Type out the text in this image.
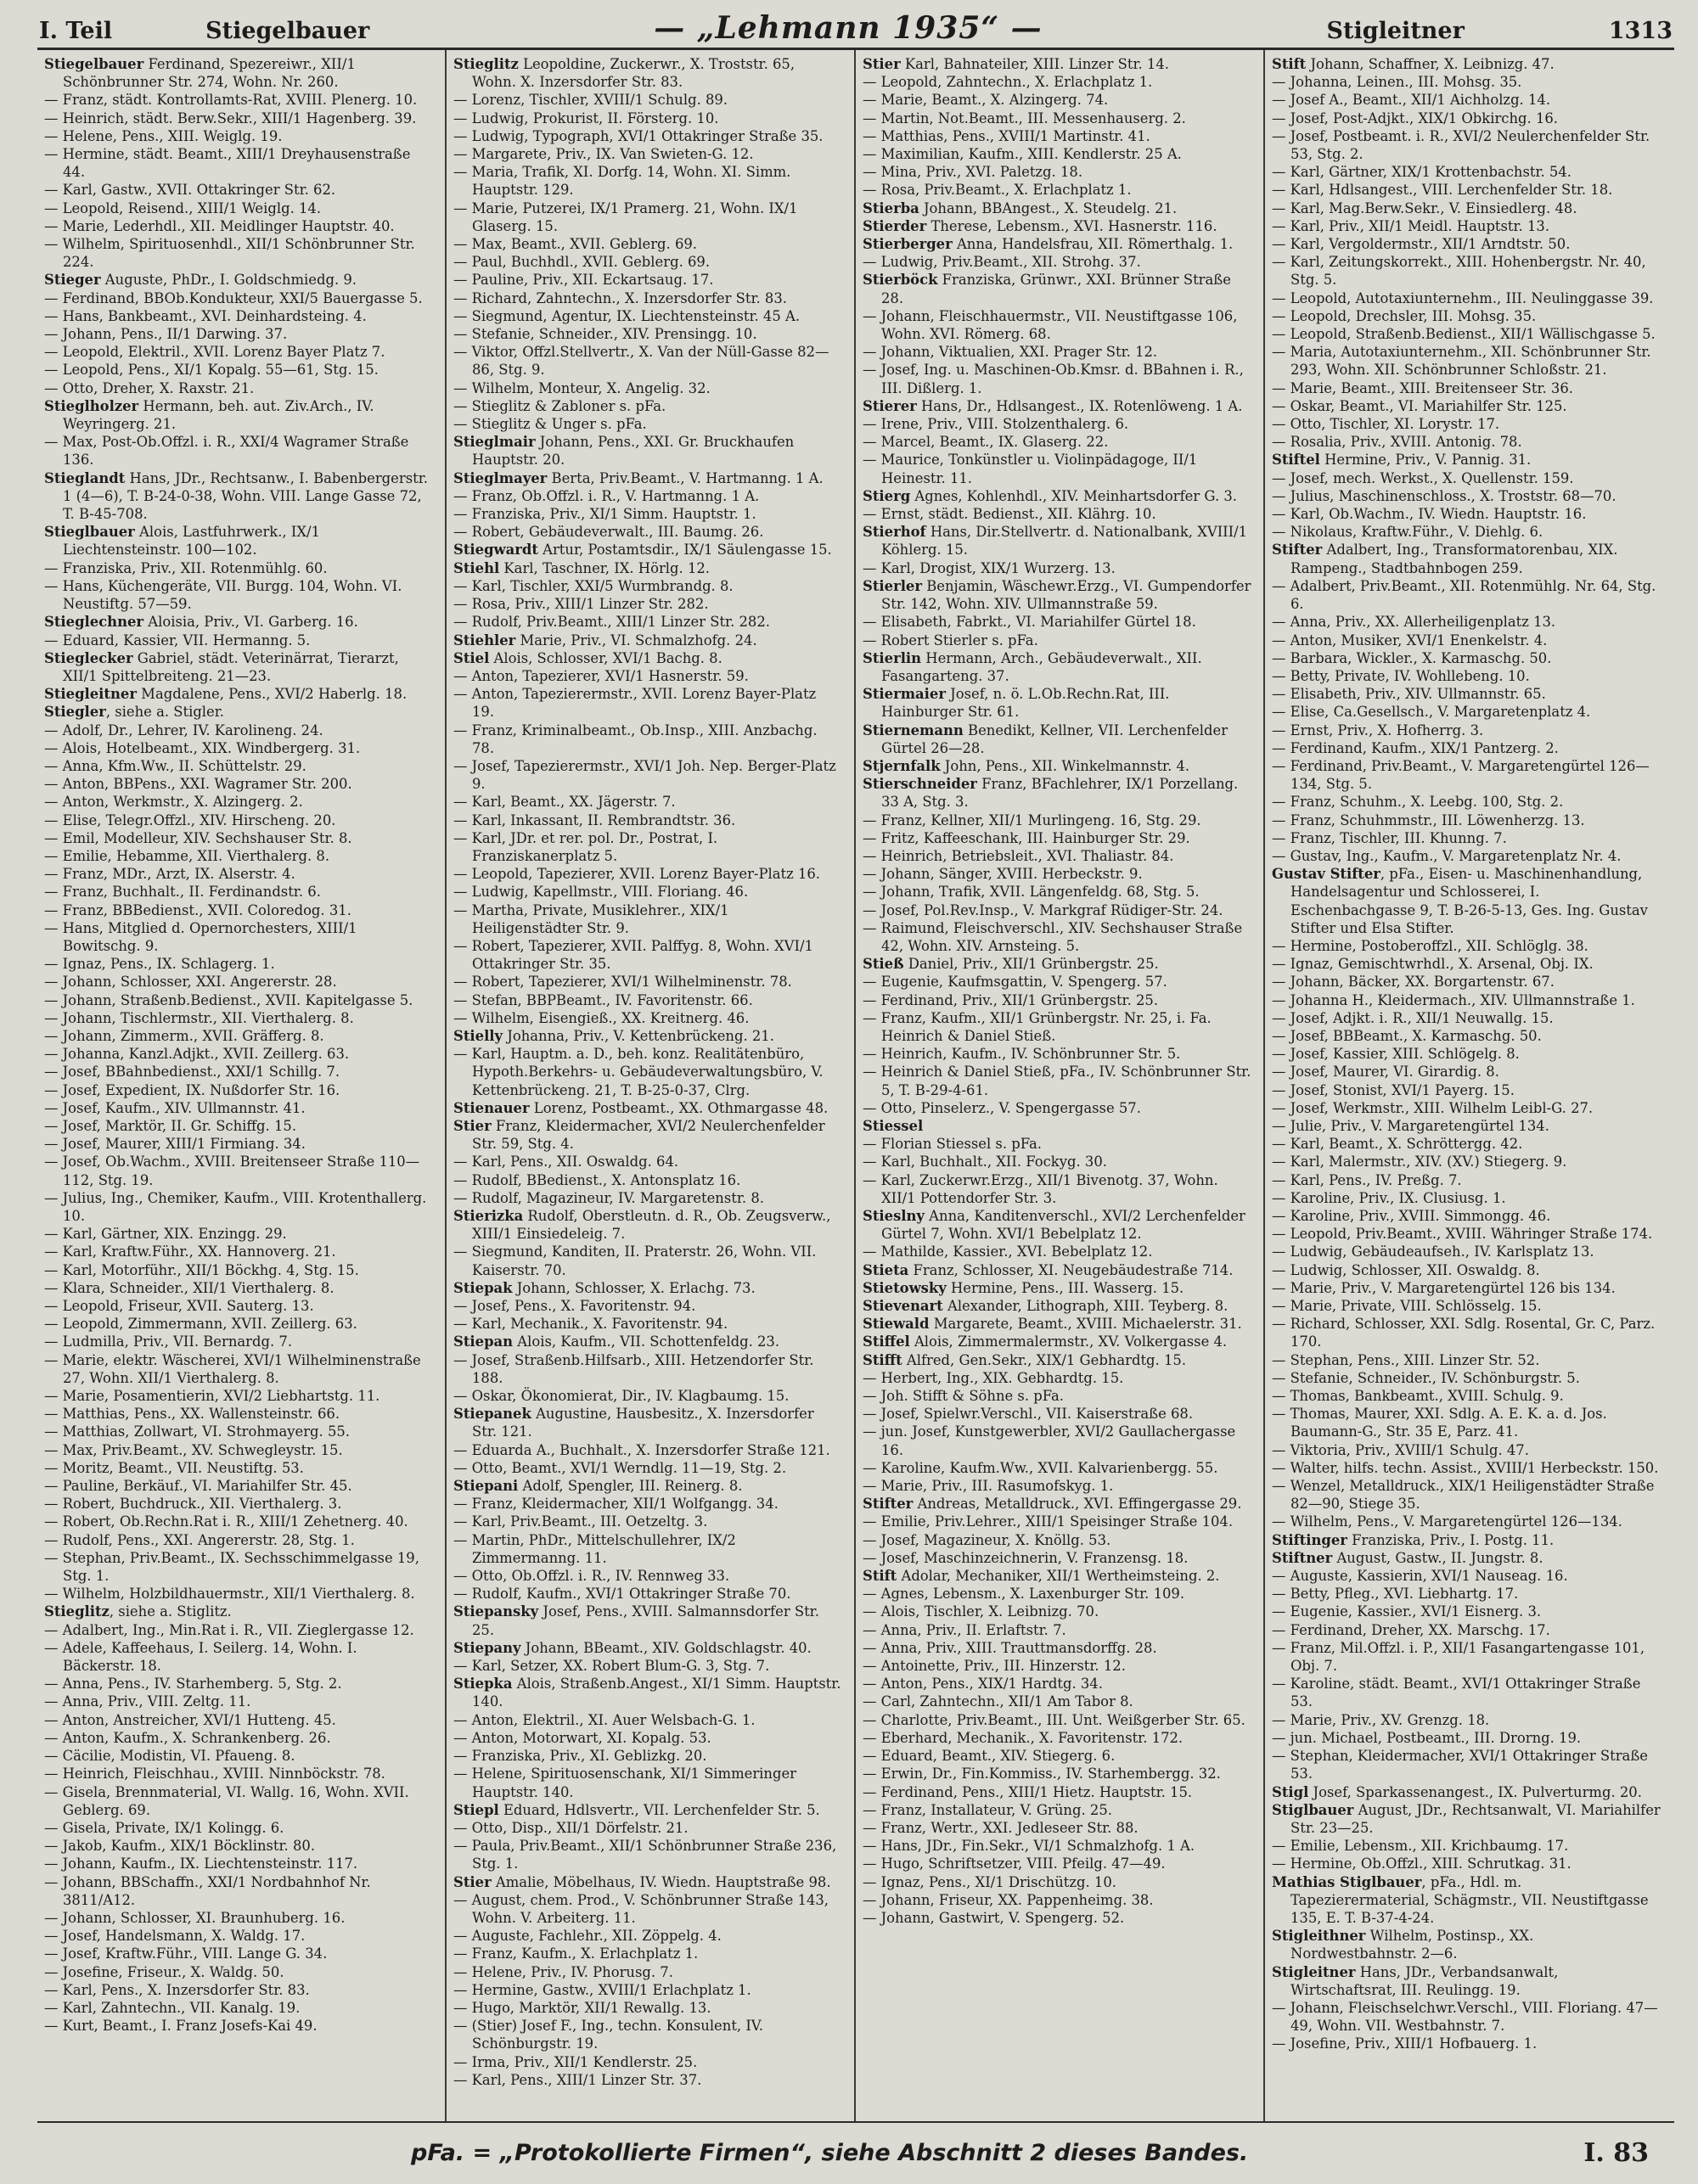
I. Teil	Stiegelbauer	— „Lehmann 1935“ —	Stigleitner	1313

Stiegelbauer Ferdinand, Spezereiwr., XII/1 Schönbrunner Str. 274, Wohn. Nr. 260.

— Franz, städt. Kontrollamts-Rat, XVIII. Plenerg. 10.

— Heinrich, städt. Berw.Sekr., XIII/1 Hagenberg. 39.

— Helene, Pens., XIII. Weiglg. 19.

— Hermine, städt. Beamt., XIII/1 Dreyhausenstraße 44.

— Karl, Gastw., XVII. Ottakringer Str. 62.

— Leopold, Reisend., XIII/1 Weiglg. 14.

— Marie, Lederhdl., XII. Meidlinger Hauptstr. 40.

— Wilhelm, Spirituosenhdl., XII/1 Schönbrunner Str. 224.

Stieger Auguste, PhDr., I. Goldschmiedg. 9.

— Ferdinand, BBOb.Kondukteur, XXI/5 Bauergasse 5.

— Hans, Bankbeamt., XVI. Deinhardsteing. 4.

— Johann, Pens., II/1 Darwing. 37.

— Leopold, Elektril., XVII. Lorenz Bayer Platz 7.

— Leopold, Pens., XI/1 Kopalg. 55—61, Stg. 15.

— Otto, Dreher, X. Raxstr. 21.

Stieglholzer Hermann, beh. aut. Ziv.Arch., IV. Weyringerg. 21.

— Max, Post-Ob.Offzl. i. R., XXI/4 Wagramer Straße 136.

Stieglandt Hans, JDr., Rechtsanw., I. Babenbergerstr. 1 (4—6), T. B-24-0-38, Wohn. VIII. Lange Gasse 72, T. B-45-708.

Stieglbauer Alois, Lastfuhrwerk., IX/1 Liechtensteinstr. 100—102.

— Franziska, Priv., XII. Rotenmühlg. 60.

— Hans, Küchengeräte, VII. Burgg. 104, Wohn. VI. Neustiftg. 57—59.

Stieglechner Aloisia, Priv., VI. Garberg. 16.

— Eduard, Kassier, VII. Hermanng. 5.

Stieglecker Gabriel, städt. Veterinärrat, Tierarzt, XII/1 Spittelbreiteng. 21—23.

Stiegleitner Magdalene, Pens., XVI/2 Haberlg. 18.

Stiegler, siehe a. Stigler.

— Adolf, Dr., Lehrer, IV. Karolineng. 24.

— Alois, Hotelbeamt., XIX. Windbergerg. 31.

— Anna, Kfm.Ww., II. Schüttelstr. 29.

— Anton, BBPens., XXI. Wagramer Str. 200.

— Anton, Werkmstr., X. Alzingerg. 2.

— Elise, Telegr.Offzl., XIV. Hirscheng. 20.

— Emil, Modelleur, XIV. Sechshauser Str. 8.

— Emilie, Hebamme, XII. Vierthalerg. 8.

— Franz, MDr., Arzt, IX. Alserstr. 4.

— Franz, Buchhalt., II. Ferdinandstr. 6.

— Franz, BBBedienst., XVII. Coloredog. 31.

— Hans, Mitglied d. Opernorchesters, XIII/1 Bowitschg. 9.

— Ignaz, Pens., IX. Schlagerg. 1.

— Johann, Schlosser, XXI. Angererstr. 28.

— Johann, Straßenb.Bedienst., XVII. Kapitelgasse 5.

— Johann, Tischlermstr., XII. Vierthalerg. 8.

— Johann, Zimmerm., XVII. Gräfferg. 8.

— Johanna, Kanzl.Adjkt., XVII. Zeillerg. 63.

— Josef, BBahnbedienst., XXI/1 Schillg. 7.

— Josef, Expedient, IX. Nußdorfer Str. 16.

— Josef, Kaufm., XIV. Ullmannstr. 41.

— Josef, Marktör, II. Gr. Schiffg. 15.

— Josef, Maurer, XIII/1 Firmiang. 34.

— Josef, Ob.Wachm., XVIII. Breitenseer Straße 110—112, Stg. 19.

— Julius, Ing., Chemiker, Kaufm., VIII. Krotenthallerg. 10.

— Karl, Gärtner, XIX. Enzingg. 29.

— Karl, Kraftw.Führ., XX. Hannoverg. 21.

— Karl, Motorführ., XII/1 Böckhg. 4, Stg. 15.

— Klara, Schneider., XII/1 Vierthalerg. 8.

— Leopold, Friseur, XVII. Sauterg. 13.

— Leopold, Zimmermann, XVII. Zeillerg. 63.

— Ludmilla, Priv., VII. Bernardg. 7.

— Marie, elektr. Wäscherei, XVI/1 Wilhelminenstraße 27, Wohn. XII/1 Vierthalerg. 8.

— Marie, Posamentierin, XVI/2 Liebhartstg. 11.

— Matthias, Pens., XX. Wallensteinstr. 66.

— Matthias, Zollwart, VI. Strohmayerg. 55.

— Max, Priv.Beamt., XV. Schwegleystr. 15.

— Moritz, Beamt., VII. Neustiftg. 53.

— Pauline, Berkäuf., VI. Mariahilfer Str. 45.

— Robert, Buchdruck., XII. Vierthalerg. 3.

— Robert, Ob.Rechn.Rat i. R., XIII/1 Zehetnerg. 40.

— Rudolf, Pens., XXI. Angererstr. 28, Stg. 1.

— Stephan, Priv.Beamt., IX. Sechsschimmelgasse 19, Stg. 1.

— Wilhelm, Holzbildhauermstr., XII/1 Vierthalerg. 8.

Stieglitz, siehe a. Stiglitz.

— Adalbert, Ing., Min.Rat i. R., VII. Zieglergasse 12.

— Adele, Kaffeehaus, I. Seilerg. 14, Wohn. I. Bäckerstr. 18.

— Anna, Pens., IV. Starhemberg. 5, Stg. 2.

— Anna, Priv., VIII. Zeltg. 11.

— Anton, Anstreicher, XVI/1 Hutteng. 45.

— Anton, Kaufm., X. Schrankenberg. 26.

— Cäcilie, Modistin, VI. Pfaueng. 8.

— Heinrich, Fleischhau., XVIII. Ninnböckstr. 78.

— Gisela, Brennmaterial, VI. Wallg. 16, Wohn. XVII. Geblerg. 69.

— Gisela, Private, IX/1 Kolingg. 6.

— Jakob, Kaufm., XIX/1 Böcklinstr. 80.

— Johann, Kaufm., IX. Liechtensteinstr. 117.

— Johann, BBSchaffn., XXI/1 Nordbahnhof Nr. 3811/A12.

— Johann, Schlosser, XI. Braunhuberg. 16.

— Josef, Handelsmann, X. Waldg. 17.

— Josef, Kraftw.Führ., VIII. Lange G. 34.

— Josefine, Friseur., X. Waldg. 50.

— Karl, Pens., X. Inzersdorfer Str. 83.

— Karl, Zahntechn., VII. Kanalg. 19.

— Kurt, Beamt., I. Franz Josefs-Kai 49.

Stieglitz Leopoldine, Zuckerwr., X. Troststr. 65, Wohn. X. Inzersdorfer Str. 83.

— Lorenz, Tischler, XVIII/1 Schulg. 89.

— Ludwig, Prokurist, II. Försterg. 10.

— Ludwig, Typograph, XVI/1 Ottakringer Straße 35.

— Margarete, Priv., IX. Van Swieten-G. 12.

— Maria, Trafik, XI. Dorfg. 14, Wohn. XI. Simm. Hauptstr. 129.

— Marie, Putzerei, IX/1 Pramerg. 21, Wohn. IX/1 Glaserg. 15.

— Max, Beamt., XVII. Geblerg. 69.

— Paul, Buchhdl., XVII. Geblerg. 69.

— Pauline, Priv., XII. Eckartsaug. 17.

— Richard, Zahntechn., X. Inzersdorfer Str. 83.

— Siegmund, Agentur, IX. Liechtensteinstr. 45 A.

— Stefanie, Schneider., XIV. Prensingg. 10.

— Viktor, Offzl.Stellvertr., X. Van der Nüll-Gasse 82—86, Stg. 9.

— Wilhelm, Monteur, X. Angelig. 32.

— Stieglitz & Zabloner s. pFa.

— Stieglitz & Unger s. pFa.

Stieglmair Johann, Pens., XXI. Gr. Bruckhaufen Hauptstr. 20.

Stieglmayer Berta, Priv.Beamt., V. Hartmanng. 1 A.

— Franz, Ob.Offzl. i. R., V. Hartmanng. 1 A.

— Franziska, Priv., XI/1 Simm. Hauptstr. 1.

— Robert, Gebäudeverwalt., III. Baumg. 26.

Stiegwardt Artur, Postamtsdir., IX/1 Säulengasse 15.

Stiehl Karl, Taschner, IX. Hörlg. 12.

— Karl, Tischler, XXI/5 Wurmbrandg. 8.

— Rosa, Priv., XIII/1 Linzer Str. 282.

— Rudolf, Priv.Beamt., XIII/1 Linzer Str. 282.

Stiehler Marie, Priv., VI. Schmalzhofg. 24.

Stiel Alois, Schlosser, XVI/1 Bachg. 8.

— Anton, Tapezierer, XVI/1 Hasnerstr. 59.

— Anton, Tapezierermstr., XVII. Lorenz Bayer-Platz 19.

— Franz, Kriminalbeamt., Ob.Insp., XIII. Anzbachg. 78.

— Josef, Tapezierermstr., XVI/1 Joh. Nep. Berger-Platz 9.

— Karl, Beamt., XX. Jägerstr. 7.

— Karl, Inkassant, II. Rembrandtstr. 36.

— Karl, JDr. et rer. pol. Dr., Postrat, I. Franziskanerplatz 5.

— Leopold, Tapezierer, XVII. Lorenz Bayer-Platz 16.

— Ludwig, Kapellmstr., VIII. Floriang. 46.

— Martha, Private, Musiklehrer., XIX/1 Heiligenstädter Str. 9.

— Robert, Tapezierer, XVII. Palffyg. 8, Wohn. XVI/1 Ottakringer Str. 35.

— Robert, Tapezierer, XVI/1 Wilhelminenstr. 78.

— Stefan, BBPBeamt., IV. Favoritenstr. 66.

— Wilhelm, Eisengieß., XX. Kreitnerg. 46.

Stielly Johanna, Priv., V. Kettenbrückeng. 21.

— Karl, Hauptm. a. D., beh. konz. Realitätenbüro, Hypoth.Berkehrs- u. Gebäudeverwaltungsbüro, V. Kettenbrückeng. 21, T. B-25-0-37, Clrg.

Stienauer Lorenz, Postbeamt., XX. Othmargasse 48.

Stier Franz, Kleidermacher, XVI/2 Neulerchenfelder Str. 59, Stg. 4.

— Karl, Pens., XII. Oswaldg. 64.

— Rudolf, BBedienst., X. Antonsplatz 16.

— Rudolf, Magazineur, IV. Margaretenstr. 8.

Stierizka Rudolf, Oberstleutn. d. R., Ob. Zeugsverw., XIII/1 Einsiedeleig. 7.

— Siegmund, Kanditen, II. Praterstr. 26, Wohn. VII. Kaiserstr. 70.

Stiepak Johann, Schlosser, X. Erlachg. 73.

— Josef, Pens., X. Favoritenstr. 94.

— Karl, Mechanik., X. Favoritenstr. 94.

Stiepan Alois, Kaufm., VII. Schottenfeldg. 23.

— Josef, Straßenb.Hilfsarb., XIII. Hetzendorfer Str. 188.

— Oskar, Ökonomierat, Dir., IV. Klagbaumg. 15.

Stiepanek Augustine, Hausbesitz., X. Inzersdorfer Str. 121.

— Eduarda A., Buchhalt., X. Inzersdorfer Straße 121.

— Otto, Beamt., XVI/1 Werndlg. 11—19, Stg. 2.

Stiepani Adolf, Spengler, III. Reinerg. 8.

— Franz, Kleidermacher, XII/1 Wolfgangg. 34.

— Karl, Priv.Beamt., III. Oetzeltg. 3.

— Martin, PhDr., Mittelschullehrer, IX/2 Zimmermanng. 11.

— Otto, Ob.Offzl. i. R., IV. Rennweg 33.

— Rudolf, Kaufm., XVI/1 Ottakringer Straße 70.

Stiepansky Josef, Pens., XVIII. Salmannsdorfer Str. 25.

Stiepany Johann, BBeamt., XIV. Goldschlagstr. 40.

— Karl, Setzer, XX. Robert Blum-G. 3, Stg. 7.

Stiepka Alois, Straßenb.Angest., XI/1 Simm. Hauptstr. 140.

— Anton, Elektril., XI. Auer Welsbach-G. 1.

— Anton, Motorwart, XI. Kopalg. 53.

— Franziska, Priv., XI. Geblizkg. 20.

— Helene, Spirituosenschank, XI/1 Simmeringer Hauptstr. 140.

Stiepl Eduard, Hdlsvertr., VII. Lerchenfelder Str. 5.

— Otto, Disp., XII/1 Dörfelstr. 21.

— Paula, Priv.Beamt., XII/1 Schönbrunner Straße 236, Stg. 1.

Stier Amalie, Möbelhaus, IV. Wiedn. Hauptstraße 98.

— August, chem. Prod., V. Schönbrunner Straße 143, Wohn. V. Arbeiterg. 11.

— Auguste, Fachlehr., XII. Zöppelg. 4.

— Franz, Kaufm., X. Erlachplatz 1.

— Helene, Priv., IV. Phorusg. 7.

— Hermine, Gastw., XVIII/1 Erlachplatz 1.

— Hugo, Marktör, XII/1 Rewallg. 13.

— (Stier) Josef F., Ing., techn. Konsulent, IV. Schönburgstr. 19.

— Irma, Priv., XII/1 Kendlerstr. 25.

— Karl, Pens., XIII/1 Linzer Str. 37.

Stier Karl, Bahnateiler, XIII. Linzer Str. 14.

— Leopold, Zahntechn., X. Erlachplatz 1.

— Marie, Beamt., X. Alzingerg. 74.

— Martin, Not.Beamt., III. Messenhauserg. 2.

— Matthias, Pens., XVIII/1 Martinstr. 41.

— Maximilian, Kaufm., XIII. Kendlerstr. 25 A.

— Mina, Priv., XVI. Paletzg. 18.

— Rosa, Priv.Beamt., X. Erlachplatz 1.

Stierba Johann, BBAngest., X. Steudelg. 21.

Stierder Therese, Lebensm., XVI. Hasnerstr. 116.

Stierberger Anna, Handelsfrau, XII. Römerthalg. 1.

— Ludwig, Priv.Beamt., XII. Strohg. 37.

Stierböck Franziska, Grünwr., XXI. Brünner Straße 28.

— Johann, Fleischhauermstr., VII. Neustiftgasse 106, Wohn. XVI. Römerg. 68.

— Johann, Viktualien, XXI. Prager Str. 12.

— Josef, Ing. u. Maschinen-Ob.Kmsr. d. BBahnen i. R., III. Dißlerg. 1.

Stierer Hans, Dr., Hdlsangest., IX. Rotenlöweng. 1 A.

— Irene, Priv., VIII. Stolzenthalerg. 6.

— Marcel, Beamt., IX. Glaserg. 22.

— Maurice, Tonkünstler u. Violinpädagoge, II/1 Heinestr. 11.

Stierg Agnes, Kohlenhdl., XIV. Meinhartsdorfer G. 3.

— Ernst, städt. Bedienst., XII. Klährg. 10.

Stierhof Hans, Dir.Stellvertr. d. Nationalbank, XVIII/1 Köhlerg. 15.

— Karl, Drogist, XIX/1 Wurzerg. 13.

Stierler Benjamin, Wäschewr.Erzg., VI. Gumpendorfer Str. 142, Wohn. XIV. Ullmannstraße 59.

— Elisabeth, Fabrkt., VI. Mariahilfer Gürtel 18.

— Robert Stierler s. pFa.

Stierlin Hermann, Arch., Gebäudeverwalt., XII. Fasangarteng. 37.

Stiermaier Josef, n. ö. L.Ob.Rechn.Rat, III. Hainburger Str. 61.

Stiernemann Benedikt, Kellner, VII. Lerchenfelder Gürtel 26—28.

Stjernfalk John, Pens., XII. Winkelmannstr. 4.

Stierschneider Franz, BFachlehrer, IX/1 Porzellang. 33 A, Stg. 3.

— Franz, Kellner, XII/1 Murlingeng. 16, Stg. 29.

— Fritz, Kaffeeschank, III. Hainburger Str. 29.

— Heinrich, Betriebsleit., XVI. Thaliastr. 84.

— Johann, Sänger, XVIII. Herbeckstr. 9.

— Johann, Trafik, XVII. Längenfeldg. 68, Stg. 5.

— Josef, Pol.Rev.Insp., V. Markgraf Rüdiger-Str. 24.

— Raimund, Fleischverschl., XIV. Sechshauser Straße 42, Wohn. XIV. Arnsteing. 5.

Stieß Daniel, Priv., XII/1 Grünbergstr. 25.

— Eugenie, Kaufmsgattin, V. Spengerg. 57.

— Ferdinand, Priv., XII/1 Grünbergstr. 25.

— Franz, Kaufm., XII/1 Grünbergstr. Nr. 25, i. Fa. Heinrich & Daniel Stieß.

— Heinrich, Kaufm., IV. Schönbrunner Str. 5.

— Heinrich & Daniel Stieß, pFa., IV. Schönbrunner Str. 5, T. B-29-4-61.

— Otto, Pinselerz., V. Spengergasse 57.

Stiessel

— Florian Stiessel s. pFa.

— Karl, Buchhalt., XII. Fockyg. 30.

— Karl, Zuckerwr.Erzg., XII/1 Bivenotg. 37, Wohn. XII/1 Pottendorfer Str. 3.

Stieslny Anna, Kanditenverschl., XVI/2 Lerchenfelder Gürtel 7, Wohn. XVI/1 Bebelplatz 12.

— Mathilde, Kassier., XVI. Bebelplatz 12.

Stieta Franz, Schlosser, XI. Neugebäudestraße 714.

Stietowsky Hermine, Pens., III. Wasserg. 15.

Stievenart Alexander, Lithograph, XIII. Teyberg. 8.

Stiewald Margarete, Beamt., XVIII. Michaelerstr. 31.

Stiffel Alois, Zimmermalermstr., XV. Volkergasse 4.

Stifft Alfred, Gen.Sekr., XIX/1 Gebhardtg. 15.

— Herbert, Ing., XIX. Gebhardtg. 15.

— Joh. Stifft & Söhne s. pFa.

— Josef, Spielwr.Verschl., VII. Kaiserstraße 68.

— jun. Josef, Kunstgewerbler, XVI/2 Gaullachergasse 16.

— Karoline, Kaufm.Ww., XVII. Kalvarienbergg. 55.

— Marie, Priv., III. Rasumofskyg. 1.

Stifter Andreas, Metalldruck., XVI. Effingergasse 29.

— Emilie, Priv.Lehrer., XIII/1 Speisinger Straße 104.

— Josef, Magazineur, X. Knöllg. 53.

— Josef, Maschinzeichnerin, V. Franzensg. 18.

Stift Adolar, Mechaniker, XII/1 Wertheimsteing. 2.

— Agnes, Lebensm., X. Laxenburger Str. 109.

— Alois, Tischler, X. Leibnizg. 70.

— Anna, Priv., II. Erlaftstr. 7.

— Anna, Priv., XIII. Trauttmansdorffg. 28.

— Antoinette, Priv., III. Hinzerstr. 12.

— Anton, Pens., XIX/1 Hardtg. 34.

— Carl, Zahntechn., XII/1 Am Tabor 8.

— Charlotte, Priv.Beamt., III. Unt. Weißgerber Str. 65.

— Eberhard, Mechanik., X. Favoritenstr. 172.

— Eduard, Beamt., XIV. Stiegerg. 6.

— Erwin, Dr., Fin.Kommiss., IV. Starhembergg. 32.

— Ferdinand, Pens., XIII/1 Hietz. Hauptstr. 15.

— Franz, Installateur, V. Grüng. 25.

— Franz, Wertr., XXI. Jedleseer Str. 88.

— Hans, JDr., Fin.Sekr., VI/1 Schmalzhofg. 1 A.

— Hugo, Schriftsetzer, VIII. Pfeilg. 47—49.

— Ignaz, Pens., XI/1 Drischützg. 10.

— Johann, Friseur, XX. Pappenheimg. 38.

— Johann, Gastwirt, V. Spengerg. 52.

Stift Johann, Schaffner, X. Leibnizg. 47.

— Johanna, Leinen., III. Mohsg. 35.

— Josef A., Beamt., XII/1 Aichholzg. 14.

— Josef, Post-Adjkt., XIX/1 Obkirchg. 16.

— Josef, Postbeamt. i. R., XVI/2 Neulerchenfelder Str. 53, Stg. 2.

— Karl, Gärtner, XIX/1 Krottenbachstr. 54.

— Karl, Hdlsangest., VIII. Lerchenfelder Str. 18.

— Karl, Mag.Berw.Sekr., V. Einsiedlerg. 48.

— Karl, Priv., XII/1 Meidl. Hauptstr. 13.

— Karl, Vergoldermstr., XII/1 Arndtstr. 50.

— Karl, Zeitungskorrekt., XIII. Hohenbergstr. Nr. 40, Stg. 5.

— Leopold, Autotaxiunternehm., III. Neulinggasse 39.

— Leopold, Drechsler, III. Mohsg. 35.

— Leopold, Straßenb.Bedienst., XII/1 Wällischgasse 5.

— Maria, Autotaxiunternehm., XII. Schönbrunner Str. 293, Wohn. XII. Schönbrunner Schloßstr. 21.

— Marie, Beamt., XIII. Breitenseer Str. 36.

— Oskar, Beamt., VI. Mariahilfer Str. 125.

— Otto, Tischler, XI. Lorystr. 17.

— Rosalia, Priv., XVIII. Antonig. 78.

Stiftel Hermine, Priv., V. Pannig. 31.

— Josef, mech. Werkst., X. Quellenstr. 159.

— Julius, Maschinenschloss., X. Troststr. 68—70.

— Karl, Ob.Wachm., IV. Wiedn. Hauptstr. 16.

— Nikolaus, Kraftw.Führ., V. Diehlg. 6.

Stifter Adalbert, Ing., Transformatorenbau, XIX. Rampeng., Stadtbahnbogen 259.

— Adalbert, Priv.Beamt., XII. Rotenmühlg. Nr. 64, Stg. 6.

— Anna, Priv., XX. Allerheiligenplatz 13.

— Anton, Musiker, XVI/1 Enenkelstr. 4.

— Barbara, Wickler., X. Karmaschg. 50.

— Betty, Private, IV. Wohllebeng. 10.

— Elisabeth, Priv., XIV. Ullmannstr. 65.

— Elise, Ca.Gesellsch., V. Margaretenplatz 4.

— Ernst, Priv., X. Hofherrg. 3.

— Ferdinand, Kaufm., XIX/1 Pantzerg. 2.

— Ferdinand, Priv.Beamt., V. Margaretengürtel 126—134, Stg. 5.

— Franz, Schuhm., X. Leebg. 100, Stg. 2.

— Franz, Schuhmmstr., III. Löwenherzg. 13.

— Franz, Tischler, III. Khunng. 7.

— Gustav, Ing., Kaufm., V. Margaretenplatz Nr. 4.

Gustav Stifter, pFa., Eisen- u. Maschinenhandlung, Handelsagentur und Schlosserei, I. Eschenbachgasse 9, T. B-26-5-13, Ges. Ing. Gustav Stifter und Elsa Stifter.

— Hermine, Postoberoffzl., XII. Schlöglg. 38.

— Ignaz, Gemischtwrhdl., X. Arsenal, Obj. IX.

— Johann, Bäcker, XX. Borgartenstr. 67.

— Johanna H., Kleidermach., XIV. Ullmannstraße 1.

— Josef, Adjkt. i. R., XII/1 Neuwallg. 15.

— Josef, BBBeamt., X. Karmaschg. 50.

— Josef, Kassier, XIII. Schlögelg. 8.

— Josef, Maurer, VI. Girardig. 8.

— Josef, Stonist, XVI/1 Payerg. 15.

— Josef, Werkmstr., XIII. Wilhelm Leibl-G. 27.

— Julie, Priv., V. Margaretengürtel 134.

— Karl, Beamt., X. Schröttergg. 42.

— Karl, Malermstr., XIV. (XV.) Stiegerg. 9.

— Karl, Pens., IV. Preßg. 7.

— Karoline, Priv., IX. Clusiusg. 1.

— Karoline, Priv., XVIII. Simmongg. 46.

— Leopold, Priv.Beamt., XVIII. Währinger Straße 174.

— Ludwig, Gebäudeaufseh., IV. Karlsplatz 13.

— Ludwig, Schlosser, XII. Oswaldg. 8.

— Marie, Priv., V. Margaretengürtel 126 bis 134.

— Marie, Private, VIII. Schlösselg. 15.

— Richard, Schlosser, XXI. Sdlg. Rosental, Gr. C, Parz. 170.

— Stephan, Pens., XIII. Linzer Str. 52.

— Stefanie, Schneider., IV. Schönburgstr. 5.

— Thomas, Bankbeamt., XVIII. Schulg. 9.

— Thomas, Maurer, XXI. Sdlg. A. E. K. a. d. Jos. Baumann-G., Str. 35 E, Parz. 41.

— Viktoria, Priv., XVIII/1 Schulg. 47.

— Walter, hilfs. techn. Assist., XVIII/1 Herbeckstr. 150.

— Wenzel, Metalldruck., XIX/1 Heiligenstädter Straße 82—90, Stiege 35.

— Wilhelm, Pens., V. Margaretengürtel 126—134.

Stiftinger Franziska, Priv., I. Postg. 11.

Stiftner August, Gastw., II. Jungstr. 8.

— Auguste, Kassierin, XVI/1 Nauseag. 16.

— Betty, Pfleg., XVI. Liebhartg. 17.

— Eugenie, Kassier., XVI/1 Eisnerg. 3.

— Ferdinand, Dreher, XX. Marschg. 17.

— Franz, Mil.Offzl. i. P., XII/1 Fasangartengasse 101, Obj. 7.

— Karoline, städt. Beamt., XVI/1 Ottakringer Straße 53.

— Marie, Priv., XV. Grenzg. 18.

— jun. Michael, Postbeamt., III. Drorng. 19.

— Stephan, Kleidermacher, XVI/1 Ottakringer Straße 53.

Stigl Josef, Sparkassenangest., IX. Pulverturmg. 20.

Stiglbauer August, JDr., Rechtsanwalt, VI. Mariahilfer Str. 23—25.

— Emilie, Lebensm., XII. Krichbaumg. 17.

— Hermine, Ob.Offzl., XIII. Schrutkag. 31.

Mathias Stiglbauer, pFa., Hdl. m. Tapezierermaterial, Schägmstr., VII. Neustiftgasse 135, E. T. B-37-4-24.

Stigleithner Wilhelm, Postinsp., XX. Nordwestbahnstr. 2—6.

Stigleitner Hans, JDr., Verbandsanwalt, Wirtschaftsrat, III. Reulingg. 19.

— Johann, Fleischselchwr.Verschl., VIII. Floriang. 47—49, Wohn. VII. Westbahnstr. 7.

— Josefine, Priv., XIII/1 Hofbauerg. 1.

pFa. = „Protokollierte Firmen“, siehe Abschnitt 2 dieses Bandes.	I. 83
